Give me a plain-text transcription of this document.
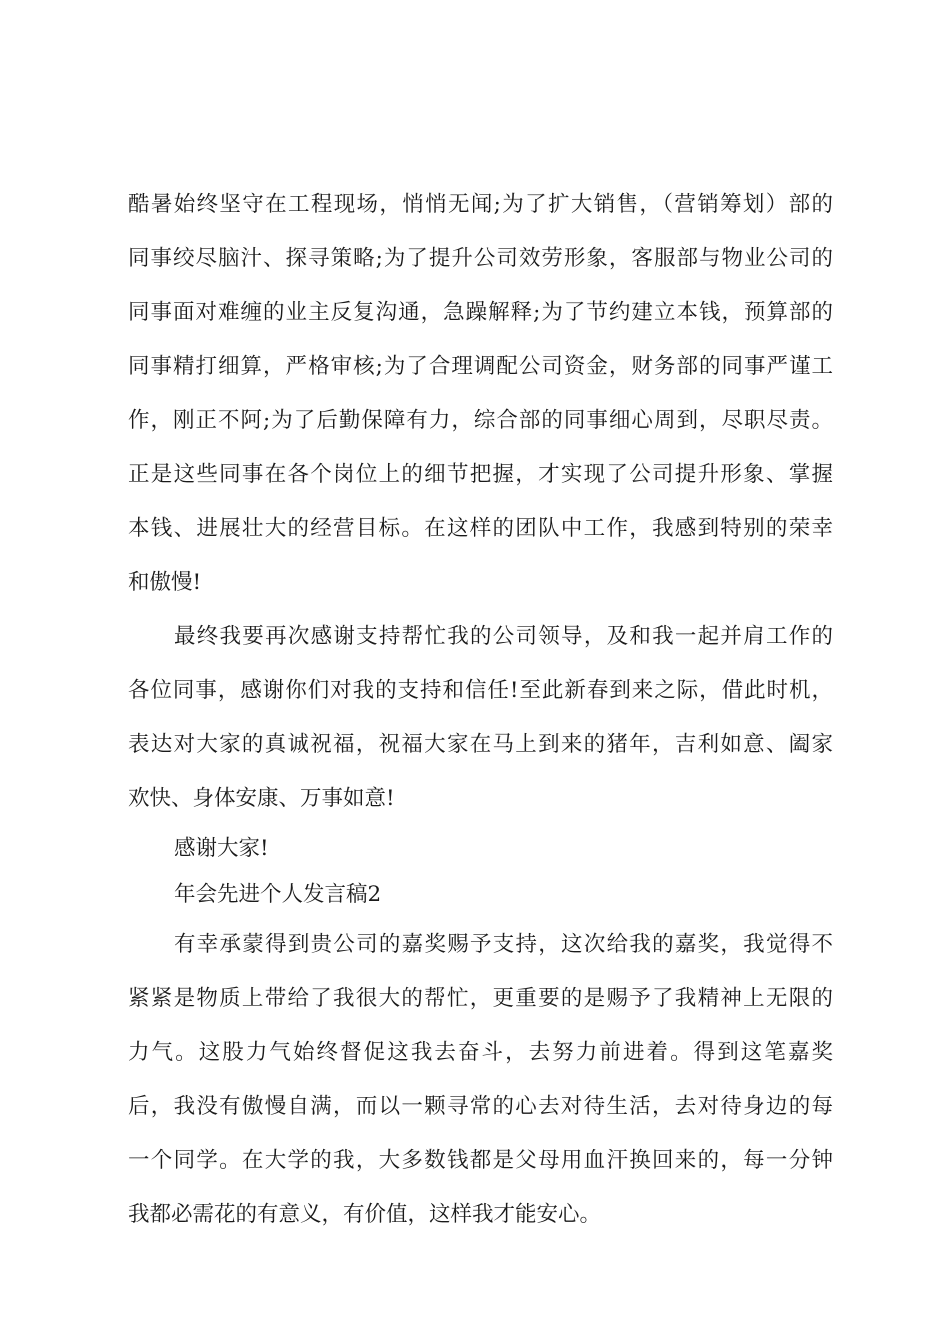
酷暑始终坚守在工程现场，悄悄无闻;为了扩大销售，（营销筹划）部的
同事绞尽脑汁、探寻策略;为了提升公司效劳形象，客服部与物业公司的
同事面对难缠的业主反复沟通，急躁解释;为了节约建立本钱，预算部的
同事精打细算，严格审核;为了合理调配公司资金，财务部的同事严谨工
作，刚正不阿;为了后勤保障有力，综合部的同事细心周到，尽职尽责。
正是这些同事在各个岗位上的细节把握，才实现了公司提升形象、掌握
本钱、进展壮大的经营目标。在这样的团队中工作，我感到特别的荣幸
和傲慢!
最终我要再次感谢支持帮忙我的公司领导，及和我一起并肩工作的
各位同事，感谢你们对我的支持和信任!至此新春到来之际，借此时机，
表达对大家的真诚祝福，祝福大家在马上到来的猪年，吉利如意、阖家
欢快、身体安康、万事如意!
感谢大家!
年会先进个人发言稿2
有幸承蒙得到贵公司的嘉奖赐予支持，这次给我的嘉奖，我觉得不
紧紧是物质上带给了我很大的帮忙，更重要的是赐予了我精神上无限的
力气。这股力气始终督促这我去奋斗，去努力前进着。得到这笔嘉奖
后，我没有傲慢自满，而以一颗寻常的心去对待生活，去对待身边的每
一个同学。在大学的我，大多数钱都是父母用血汗换回来的，每一分钟
我都必需花的有意义，有价值，这样我才能安心。
